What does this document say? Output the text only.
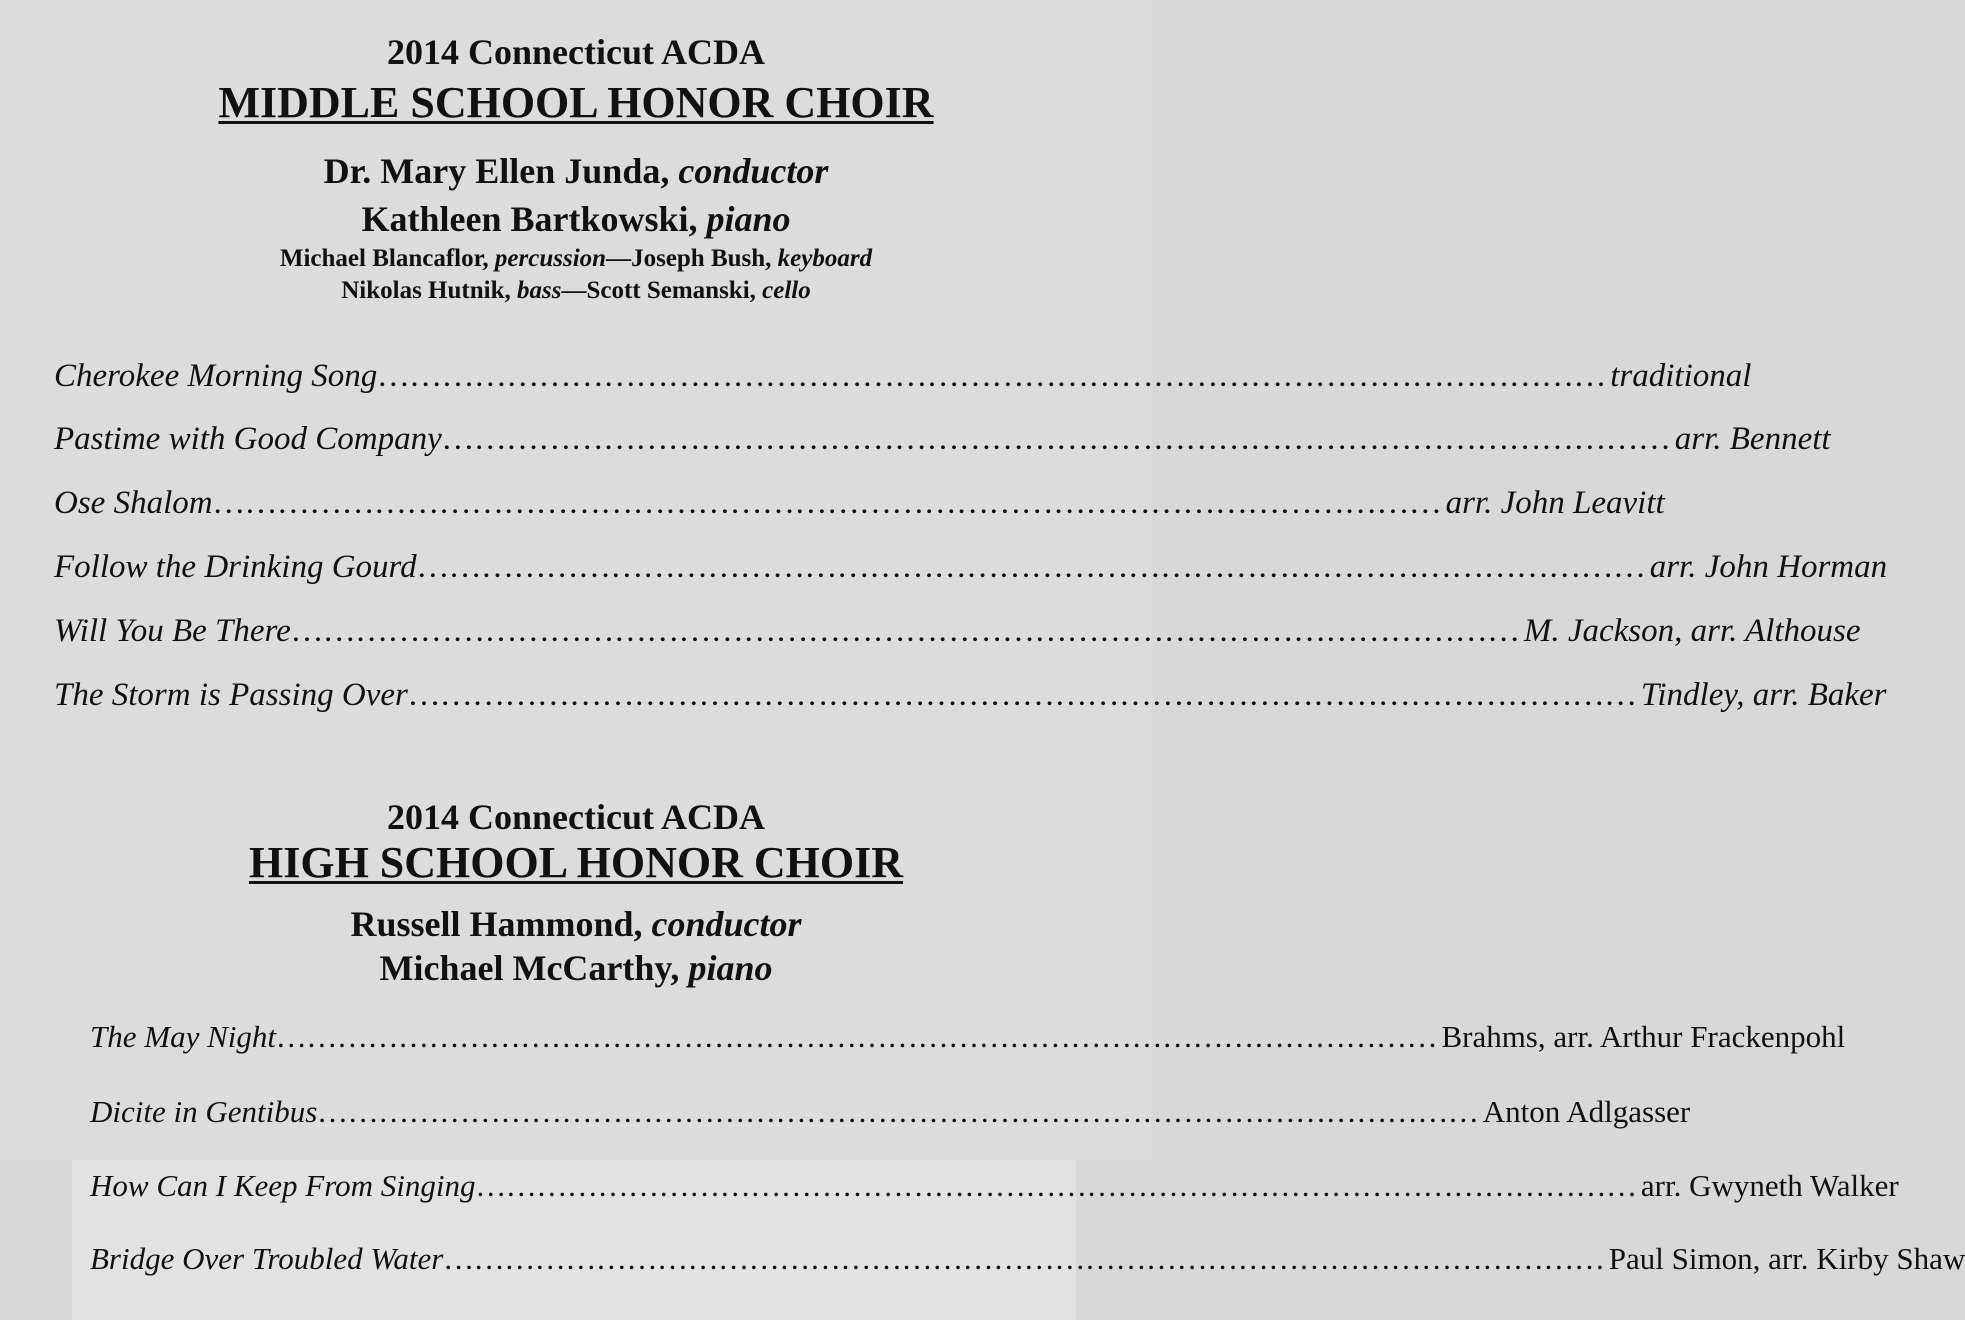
2014 Connecticut ACDA
MIDDLE SCHOOL HONOR CHOIR
Dr. Mary Ellen Junda, conductor
Kathleen Bartkowski, piano
Michael Blancaflor, percussion—Joseph Bush, keyboard
Nikolas Hutnik, bass—Scott Semanski, cello
Cherokee Morning Song …………………………………………………………………………………………………… traditional
Pastime with Good Company …………………………………………………………………………………………………… arr. Bennett
Ose Shalom …………………………………………………………………………………………………… arr. John Leavitt
Follow the Drinking Gourd …………………………………………………………………………………………………… arr. John Horman
Will You Be There …………………………………………………………………………………………………… M. Jackson, arr. Althouse
The Storm is Passing Over …………………………………………………………………………………………………… Tindley, arr. Baker
2014 Connecticut ACDA
HIGH SCHOOL HONOR CHOIR
Russell Hammond, conductor
Michael McCarthy, piano
The May Night …………………………………………………………………………………………………… Brahms, arr. Arthur Frackenpohl
Dicite in Gentibus …………………………………………………………………………………………………… Anton Adlgasser
How Can I Keep From Singing …………………………………………………………………………………………………… arr. Gwyneth Walker
Bridge Over Troubled Water …………………………………………………………………………………………………… Paul Simon, arr. Kirby Shaw
